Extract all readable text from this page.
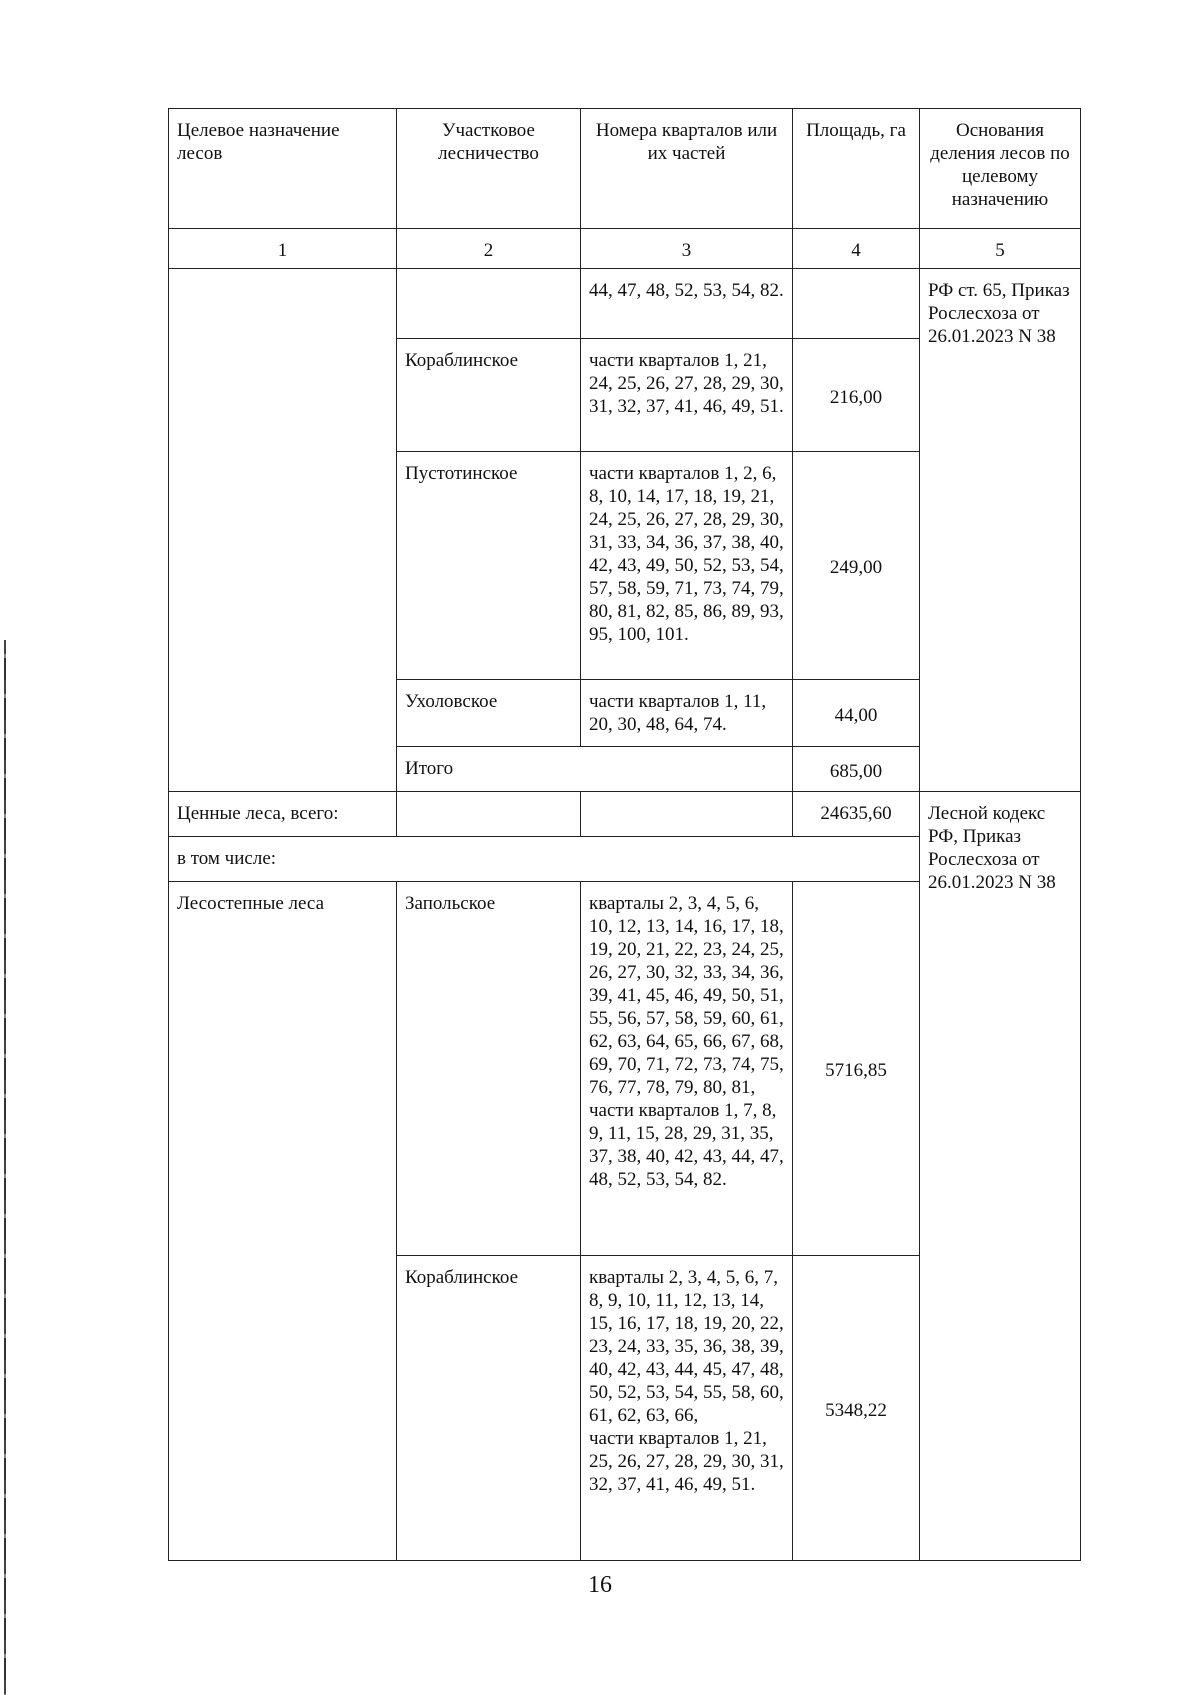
Целевое назначение лесов	Участковое лесничество	Номера кварталов или их частей	Площадь, га	Основания деления лесов по целевому назначению
1	2	3	4	5
		44, 47, 48, 52, 53, 54, 82.		РФ ст. 65, Приказ Рослесхоза от 26.01.2023 N 38
	Кораблинское	части кварталов 1, 21, 24, 25, 26, 27, 28, 29, 30, 31, 32, 37, 41, 46, 49, 51.	216,00	
	Пустотинское	части кварталов 1, 2, 6, 8, 10, 14, 17, 18, 19, 21, 24, 25, 26, 27, 28, 29, 30, 31, 33, 34, 36, 37, 38, 40, 42, 43, 49, 50, 52, 53, 54, 57, 58, 59, 71, 73, 74, 79, 80, 81, 82, 85, 86, 89, 93, 95, 100, 101.	249,00	
	Ухоловское	части кварталов 1, 11, 20, 30, 48, 64, 74.	44,00	
	Итого		685,00	
Ценные леса, всего:			24635,60	Лесной кодекс РФ, Приказ Рослесхоза от 26.01.2023 N 38
в том числе:				
Лесостепные леса	Запольское	кварталы 2, 3, 4, 5, 6, 10, 12, 13, 14, 16, 17, 18, 19, 20, 21, 22, 23, 24, 25, 26, 27, 30, 32, 33, 34, 36, 39, 41, 45, 46, 49, 50, 51, 55, 56, 57, 58, 59, 60, 61, 62, 63, 64, 65, 66, 67, 68, 69, 70, 71, 72, 73, 74, 75, 76, 77, 78, 79, 80, 81, части кварталов 1, 7, 8, 9, 11, 15, 28, 29, 31, 35, 37, 38, 40, 42, 43, 44, 47, 48, 52, 53, 54, 82.	5716,85	
	Кораблинское	кварталы 2, 3, 4, 5, 6, 7, 8, 9, 10, 11, 12, 13, 14, 15, 16, 17, 18, 19, 20, 22, 23, 24, 33, 35, 36, 38, 39, 40, 42, 43, 44, 45, 47, 48, 50, 52, 53, 54, 55, 58, 60, 61, 62, 63, 66,
части кварталов 1, 21, 25, 26, 27, 28, 29, 30, 31, 32, 37, 41, 46, 49, 51.	5348,22	
16
